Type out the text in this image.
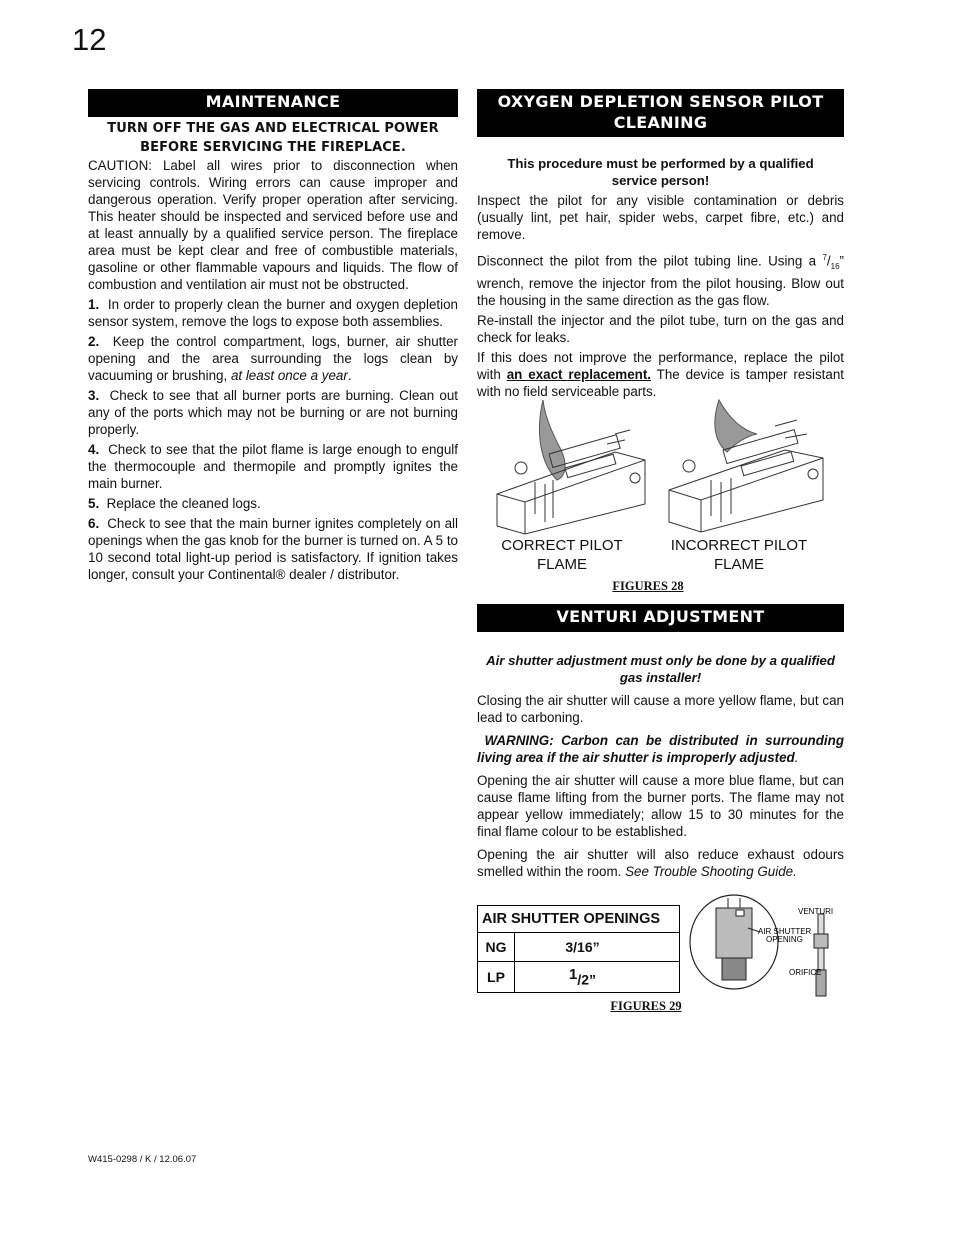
12
MAINTENANCE
TURN OFF THE GAS AND ELECTRICAL POWER
BEFORE SERVICING THE FIREPLACE.

CAUTION: Label all wires prior to disconnection when servicing controls. Wiring errors can cause improper and dangerous operation. Verify proper operation after servicing. This heater should be inspected and serviced before use and at least annually by a qualified service person. The fireplace area must be kept clear and free of combustible materials, gasoline or other flammable vapours and liquids. The flow of combustion and ventilation air must not be obstructed.

1. In order to properly clean the burner and oxygen depletion sensor system, remove the logs to expose both assemblies.

2. Keep the control compartment, logs, burner, air shutter opening and the area surrounding the logs clean by vacuuming or brushing, at least once a year.

3. Check to see that all burner ports are burning. Clean out any of the ports which may not be burning or are not burning properly.

4. Check to see that the pilot flame is large enough to engulf the thermocouple and thermopile and promptly ignites the main burner.

5. Replace the cleaned logs.

6. Check to see that the main burner ignites completely on all openings when the gas knob for the burner is turned on. A 5 to 10 second total light-up period is satisfactory. If ignition takes longer, consult your Continental® dealer / distributor.

OXYGEN DEPLETION SENSOR PILOT
CLEANING

This procedure must be performed by a qualified service person!

Inspect the pilot for any visible contamination or debris (usually lint, pet hair, spider webs, carpet fibre, etc.) and remove.

Disconnect the pilot from the pilot tubing line. Using a $^7/_{16}$” wrench, remove the injector from the pilot housing. Blow out the housing in the same direction as the gas flow.

Re-install the injector and the pilot tube, turn on the gas and check for leaks.

If this does not improve the performance, replace the pilot with an exact replacement. The device is tamper resistant with no field serviceable parts.

CORRECT PILOT
FLAME
INCORRECT PILOT
FLAME
FIGURES 28
VENTURI ADJUSTMENT

Air shutter adjustment must only be done by a qualified gas installer!

Closing the air shutter will cause a more yellow flame, but can lead to carboning.

WARNING: Carbon can be distributed in surrounding living area if the air shutter is improperly adjusted.

Opening the air shutter will cause a more blue flame, but can cause flame lifting from the burner ports. The flame may not appear yellow immediately; allow 15 to 30 minutes for the final flame colour to be established.

Opening the air shutter will also reduce exhaust odours smelled within the room. See Trouble Shooting Guide.

AIR SHUTTER OPENINGS	
NG	3/16”
LP	$^1$/2”
VENTURI
AIR SHUTTER
OPENING
ORIFICE
FIGURES 29
W415-0298 / K / 12.06.07
